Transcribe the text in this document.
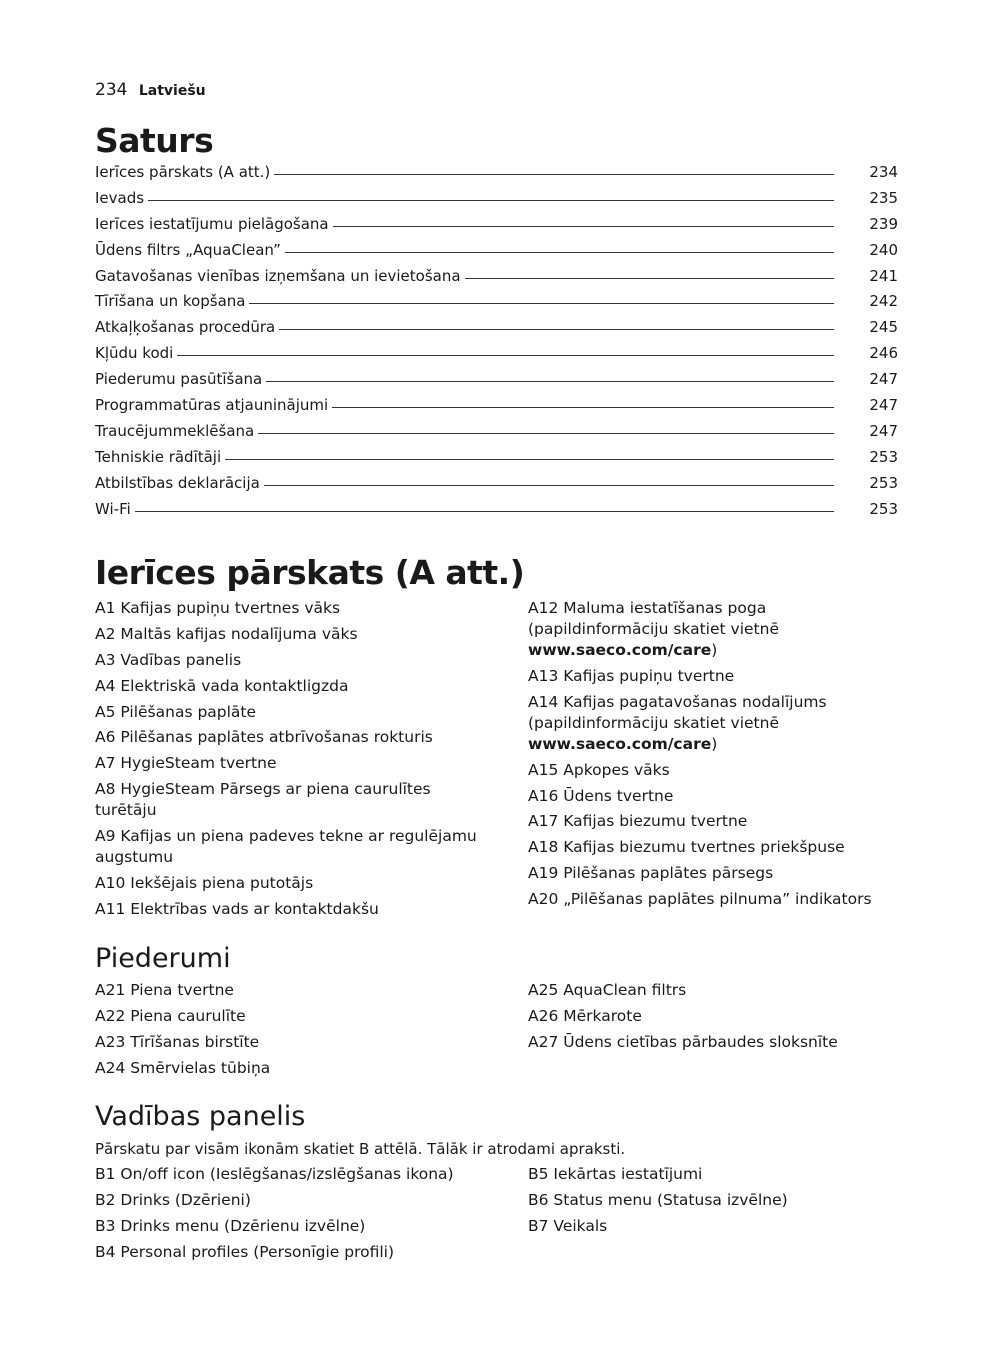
234 Latviešu
Saturs
Ierīces pārskats (A att.)	234
Ievads	235
Ierīces iestatījumu pielāgošana	239
Ūdens filtrs „AquaClean”	240
Gatavošanas vienības izņemšana un ievietošana	241
Tīrīšana un kopšana	242
Atkaļķošanas procedūra	245
Kļūdu kodi	246
Piederumu pasūtīšana	247
Programmatūras atjauninājumi	247
Traucējummeklēšana	247
Tehniskie rādītāji	253
Atbilstības deklarācija	253
Wi-Fi	253
Ierīces pārskats (A att.)
A1 Kafijas pupiņu tvertnes vāks
A2 Maltās kafijas nodalījuma vāks
A3 Vadības panelis
A4 Elektriskā vada kontaktligzda
A5 Pilēšanas paplāte
A6 Pilēšanas paplātes atbrīvošanas rokturis
A7 HygieSteam tvertne
A8 HygieSteam Pārsegs ar piena caurulītes turētāju
A9 Kafijas un piena padeves tekne ar regulējamu augstumu
A10 Iekšējais piena putotājs
A11 Elektrības vads ar kontaktdakšu
A12 Maluma iestatīšanas poga (papildinformāciju skatiet vietnē www.saeco.com/care)
A13 Kafijas pupiņu tvertne
A14 Kafijas pagatavošanas nodalījums (papildinformāciju skatiet vietnē www.saeco.com/care)
A15 Apkopes vāks
A16 Ūdens tvertne
A17 Kafijas biezumu tvertne
A18 Kafijas biezumu tvertnes priekšpuse
A19 Pilēšanas paplātes pārsegs
A20 „Pilēšanas paplātes pilnuma” indikators
Piederumi
A21 Piena tvertne
A22 Piena caurulīte
A23 Tīrīšanas birstīte
A24 Smērvielas tūbiņa
A25 AquaClean filtrs
A26 Mērkarote
A27 Ūdens cietības pārbaudes sloksnīte
Vadības panelis
Pārskatu par visām ikonām skatiet B attēlā. Tālāk ir atrodami apraksti.
B1 On/off icon (Ieslēgšanas/izslēgšanas ikona)
B2 Drinks (Dzērieni)
B3 Drinks menu (Dzērienu izvēlne)
B4 Personal profiles (Personīgie profili)
B5 Iekārtas iestatījumi
B6 Status menu (Statusa izvēlne)
B7 Veikals
